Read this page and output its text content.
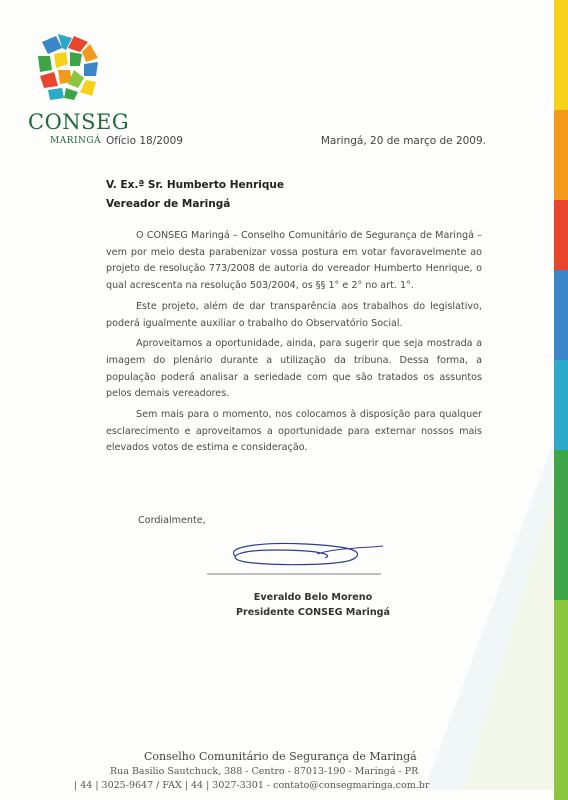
CONSEG
MARINGÁ Ofício 18/2009	Maringá, 20 de março de 2009.
V. Ex.ª Sr. Humberto Henrique
Vereador de Maringá

O CONSEG Maringá – Conselho Comunitário de Segurança de Maringá – vem por meio desta parabenizar vossa postura em votar favoravelmente ao projeto de resolução 773/2008 de autoria do vereador Humberto Henrique, o qual acrescenta na resolução 503/2004, os §§ 1° e 2° no art. 1°.

Este projeto, além de dar transparência aos trabalhos do legislativo, poderá igualmente auxiliar o trabalho do Observatório Social.

Aproveitamos a oportunidade, ainda, para sugerir que seja mostrada a imagem do plenário durante a utilização da tribuna. Dessa forma, a população poderá analisar a seriedade com que são tratados os assuntos pelos demais vereadores.

Sem mais para o momento, nos colocamos à disposição para qualquer esclarecimento e aproveitamos a oportunidade para externar nossos mais elevados votos de estima e consideração.

Cordialmente,
Everaldo Belo Moreno
Presidente CONSEG Maringá
Conselho Comunitário de Segurança de Maringá
Rua Basilio Sautchuck, 388 - Centro - 87013-190 - Maringá - PR
| 44 | 3025-9647 / FAX | 44 | 3027-3301 - contato@consegmaringa.com.br
